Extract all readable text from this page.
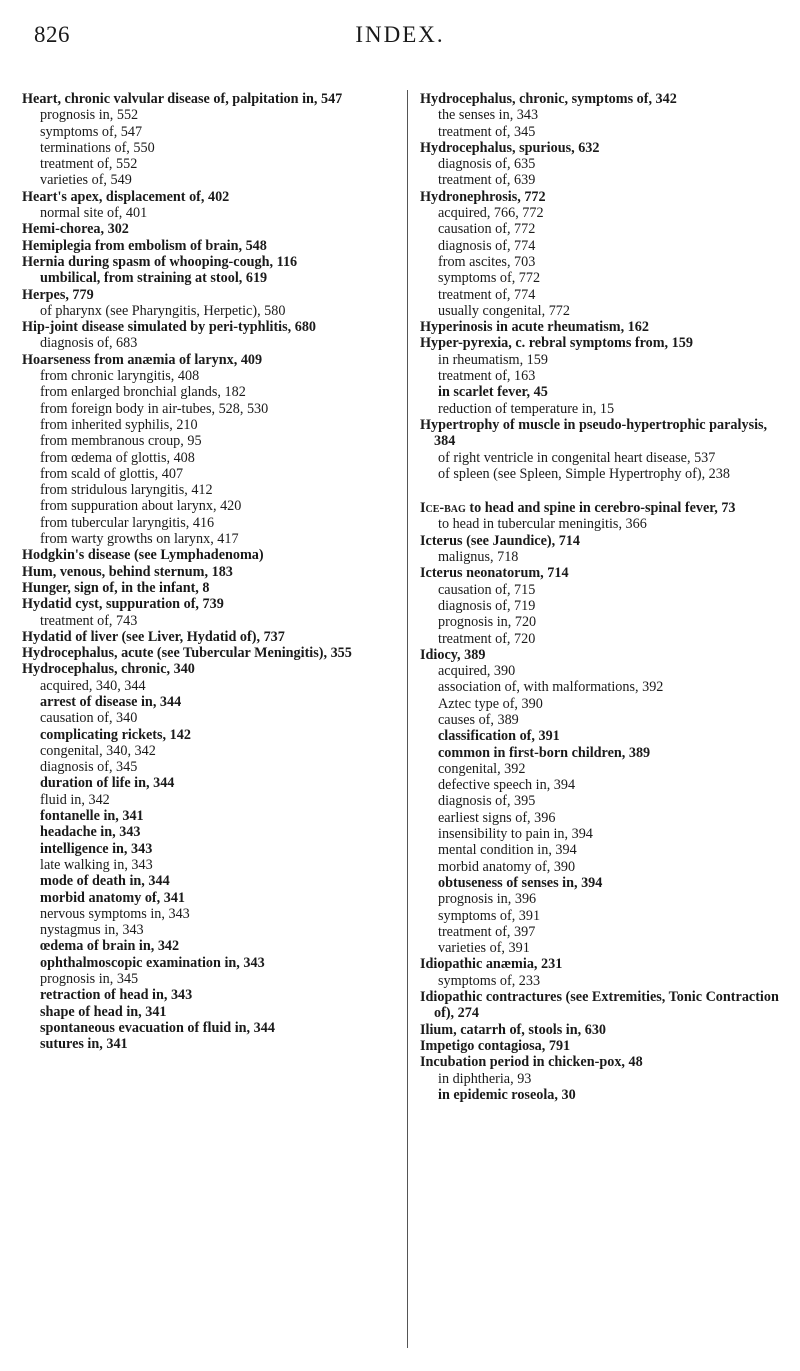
826	INDEX.
Heart, chronic valvular disease of, palpitation in, 547
prognosis in, 552
symptoms of, 547
terminations of, 550
treatment of, 552
varieties of, 549
Heart's apex, displacement of, 402
normal site of, 401
Hemi-chorea, 302
Hemiplegia from embolism of brain, 548
Hernia during spasm of whooping-cough, 116
umbilical, from straining at stool, 619
Herpes, 779
of pharynx (see Pharyngitis, Herpetic), 580
Hip-joint disease simulated by peri-typhlitis, 680
diagnosis of, 683
Hoarseness from anæmia of larynx, 409
from chronic laryngitis, 408
from enlarged bronchial glands, 182
from foreign body in air-tubes, 528, 530
from inherited syphilis, 210
from membranous croup, 95
from œdema of glottis, 408
from scald of glottis, 407
from stridulous laryngitis, 412
from suppuration about larynx, 420
from tubercular laryngitis, 416
from warty growths on larynx, 417
Hodgkin's disease (see Lymphadenoma)
Hum, venous, behind sternum, 183
Hunger, sign of, in the infant, 8
Hydatid cyst, suppuration of, 739
treatment of, 743
Hydatid of liver (see Liver, Hydatid of), 737
Hydrocephalus, acute (see Tubercular Meningitis), 355
Hydrocephalus, chronic, 340
acquired, 340, 344
arrest of disease in, 344
causation of, 340
complicating rickets, 142
congenital, 340, 342
diagnosis of, 345
duration of life in, 344
fluid in, 342
fontanelle in, 341
headache in, 343
intelligence in, 343
late walking in, 343
mode of death in, 344
morbid anatomy of, 341
nervous symptoms in, 343
nystagmus in, 343
œdema of brain in, 342
ophthalmoscopic examination in, 343
prognosis in, 345
retraction of head in, 343
shape of head in, 341
spontaneous evacuation of fluid in, 344
sutures in, 341
Hydrocephalus, chronic, symptoms of, 342
the senses in, 343
treatment of, 345
Hydrocephalus, spurious, 632
diagnosis of, 635
treatment of, 639
Hydronephrosis, 772
acquired, 766, 772
causation of, 772
diagnosis of, 774
from ascites, 703
symptoms of, 772
treatment of, 774
usually congenital, 772
Hyperinosis in acute rheumatism, 162
Hyper-pyrexia, c. rebral symptoms from, 159
in rheumatism, 159
treatment of, 163
in scarlet fever, 45
reduction of temperature in, 15
Hypertrophy of muscle in pseudo-hypertrophic paralysis, 384
of right ventricle in congenital heart disease, 537
of spleen (see Spleen, Simple Hypertrophy of), 238
Ice-bag to head and spine in cerebro-spinal fever, 73
to head in tubercular meningitis, 366
Icterus (see Jaundice), 714
malignus, 718
Icterus neonatorum, 714
causation of, 715
diagnosis of, 719
prognosis in, 720
treatment of, 720
Idiocy, 389
acquired, 390
association of, with malformations, 392
Aztec type of, 390
causes of, 389
classification of, 391
common in first-born children, 389
congenital, 392
defective speech in, 394
diagnosis of, 395
earliest signs of, 396
insensibility to pain in, 394
mental condition in, 394
morbid anatomy of, 390
obtuseness of senses in, 394
prognosis in, 396
symptoms of, 391
treatment of, 397
varieties of, 391
Idiopathic anæmia, 231
symptoms of, 233
Idiopathic contractures (see Extremities, Tonic Contraction of), 274
Ilium, catarrh of, stools in, 630
Impetigo contagiosa, 791
Incubation period in chicken-pox, 48
in diphtheria, 93
in epidemic roseola, 30
